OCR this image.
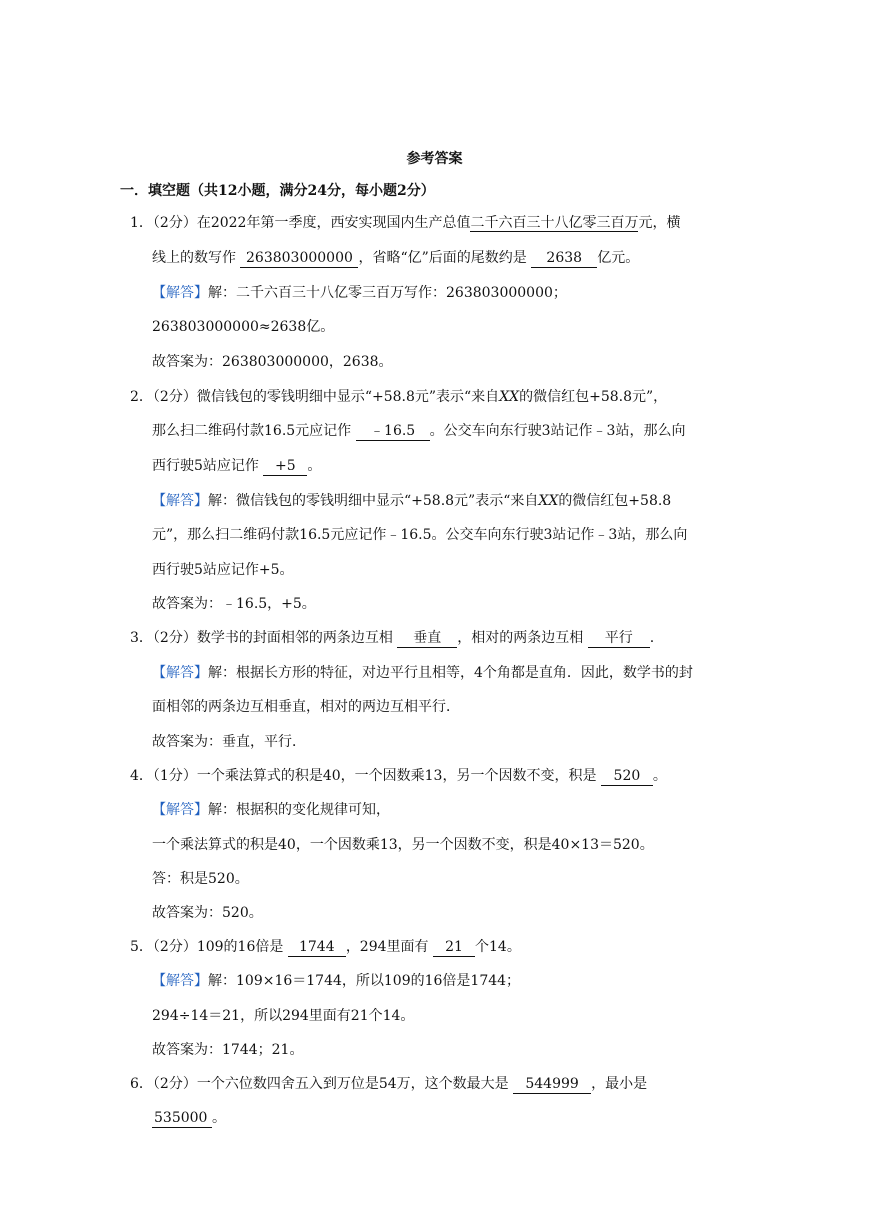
参考答案
一．填空题（共12小题，满分24分，每小题2分）
1．（2分）在2022年第一季度，西安实现国内生产总值二千六百三十八亿零三百万元，横
线上的数写作 263803000000 ，省略“亿”后面的尾数约是 2638 亿元。
【解答】解：二千六百三十八亿零三百万写作：263803000000；
263803000000≈2638亿。
故答案为：263803000000，2638。
2．（2分）微信钱包的零钱明细中显示“+58.8元”表示“来自XX的微信红包+58.8元”，
那么扫二维码付款16.5元应记作 ﹣16.5 。公交车向东行驶3站记作﹣3站，那么向
西行驶5站应记作 +5 。
【解答】解：微信钱包的零钱明细中显示“+58.8元”表示“来自XX的微信红包+58.8
元”，那么扫二维码付款16.5元应记作﹣16.5。公交车向东行驶3站记作﹣3站，那么向
西行驶5站应记作+5。
故答案为：﹣16.5，+5。
3．（2分）数学书的封面相邻的两条边互相 垂直 ，相对的两条边互相 平行 .
【解答】解：根据长方形的特征，对边平行且相等，4个角都是直角．因此，数学书的封
面相邻的两条边互相垂直，相对的两边互相平行．
故答案为：垂直，平行．
4．（1分）一个乘法算式的积是40，一个因数乘13，另一个因数不变，积是 520 。
【解答】解：根据积的变化规律可知，
一个乘法算式的积是40，一个因数乘13，另一个因数不变，积是40×13＝520。
答：积是520。
故答案为：520。
5．（2分）109的16倍是 1744 ，294里面有 21 个14。
【解答】解：109×16＝1744，所以109的16倍是1744；
294÷14＝21，所以294里面有21个14。
故答案为：1744；21。
6．（2分）一个六位数四舍五入到万位是54万，这个数最大是 544999 ，最小是
535000 。
